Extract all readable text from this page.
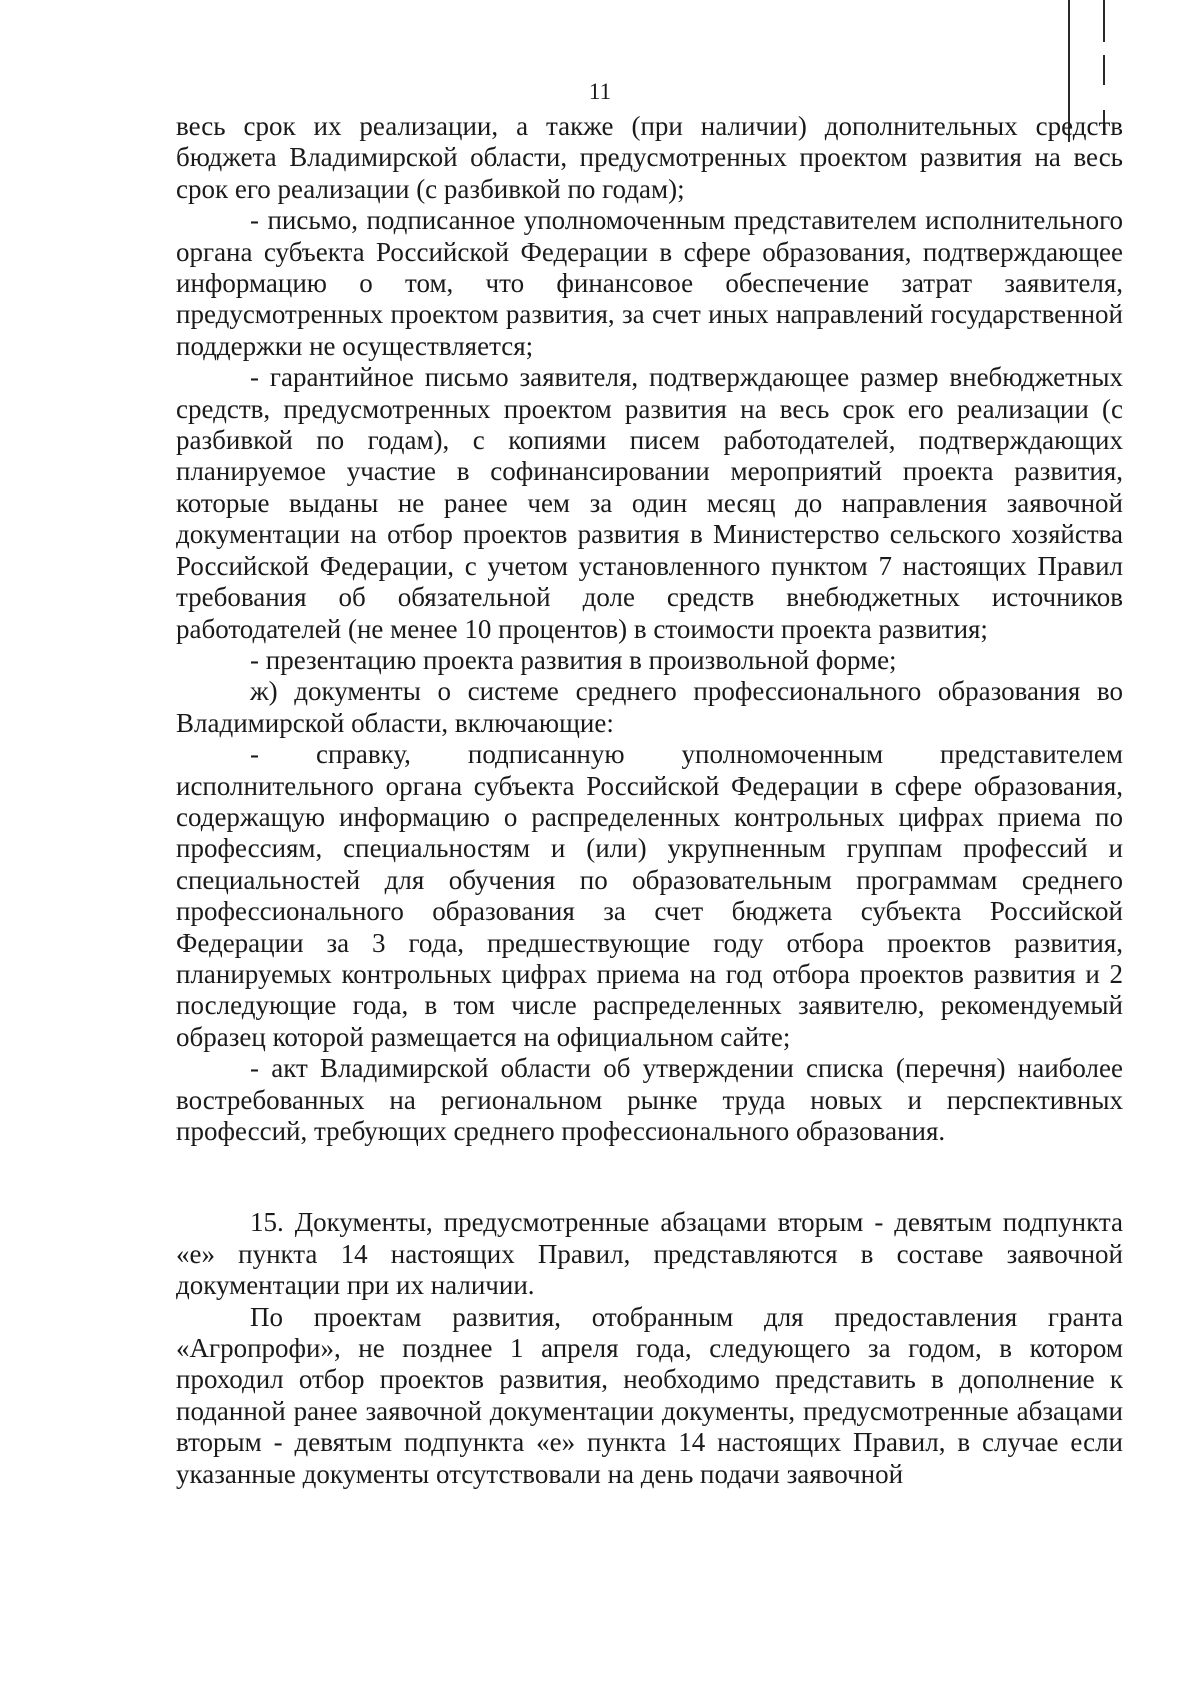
11

весь срок их реализации, а также (при наличии) дополнительных средств бюджета Владимирской области, предусмотренных проектом развития на весь срок его реализации (с разбивкой по годам);

- письмо, подписанное уполномоченным представителем исполнительного органа субъекта Российской Федерации в сфере образования, подтверждающее информацию о том, что финансовое обеспечение затрат заявителя, предусмотренных проектом развития, за счет иных направлений государственной поддержки не осуществляется;

- гарантийное письмо заявителя, подтверждающее размер внебюджетных средств, предусмотренных проектом развития на весь срок его реализации (с разбивкой по годам), с копиями писем работодателей, подтверждающих планируемое участие в софинансировании мероприятий проекта развития, которые выданы не ранее чем за один месяц до направления заявочной документации на отбор проектов развития в Министерство сельского хозяйства Российской Федерации, с учетом установленного пунктом 7 настоящих Правил требования об обязательной доле средств внебюджетных источников работодателей (не менее 10 процентов) в стоимости проекта развития;

- презентацию проекта развития в произвольной форме;

ж) документы о системе среднего профессионального образования во Владимирской области, включающие:

- справку, подписанную уполномоченным представителем исполнительного органа субъекта Российской Федерации в сфере образования, содержащую информацию о распределенных контрольных цифрах приема по профессиям, специальностям и (или) укрупненным группам профессий и специальностей для обучения по образовательным программам среднего профессионального образования за счет бюджета субъекта Российской Федерации за 3 года, предшествующие году отбора проектов развития, планируемых контрольных цифрах приема на год отбора проектов развития и 2 последующие года, в том числе распределенных заявителю, рекомендуемый образец которой размещается на официальном сайте;

- акт Владимирской области об утверждении списка (перечня) наиболее востребованных на региональном рынке труда новых и перспективных профессий, требующих среднего профессионального образования.

15. Документы, предусмотренные абзацами вторым - девятым подпункта «е» пункта 14 настоящих Правил, представляются в составе заявочной документации при их наличии.

По проектам развития, отобранным для предоставления гранта «Агропрофи», не позднее 1 апреля года, следующего за годом, в котором проходил отбор проектов развития, необходимо представить в дополнение к поданной ранее заявочной документации документы, предусмотренные абзацами вторым - девятым подпункта «е» пункта 14 настоящих Правил, в случае если указанные документы отсутствовали на день подачи заявочной
